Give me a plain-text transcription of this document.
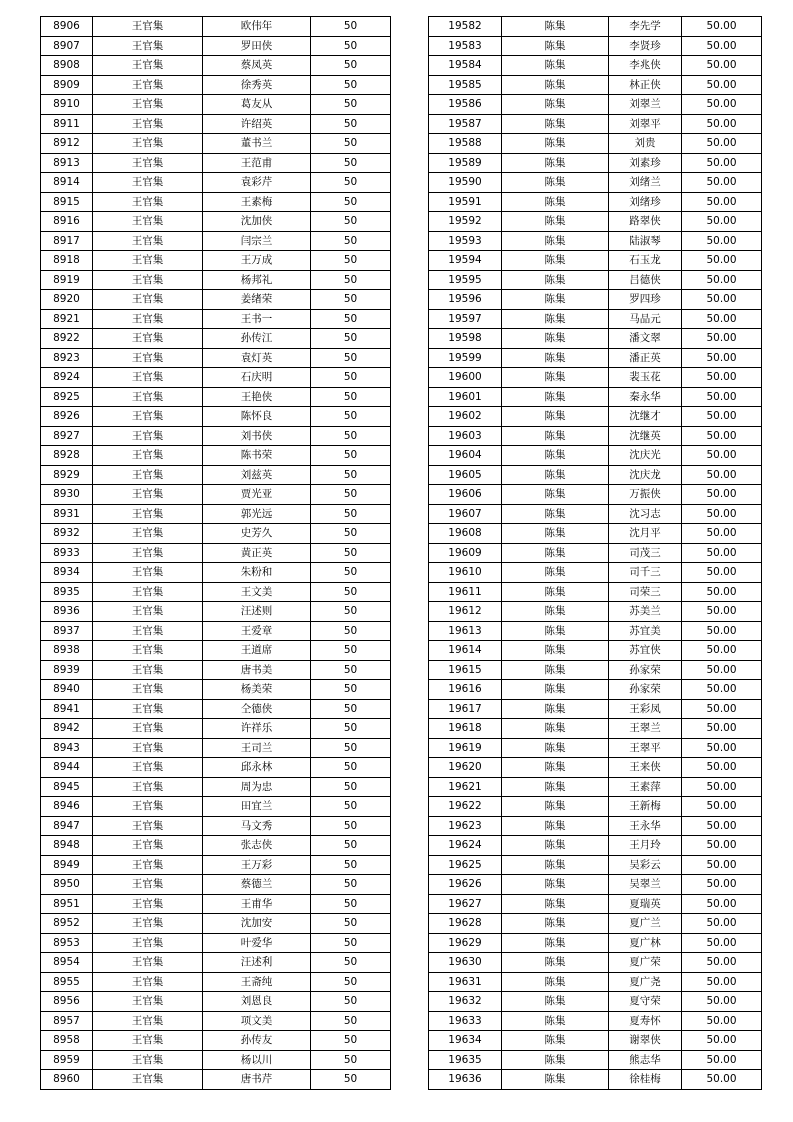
8906	王官集	欧伟年	50
8907	王官集	罗田侠	50
8908	王官集	蔡凤英	50
8909	王官集	徐秀英	50
8910	王官集	葛友从	50
8911	王官集	许绍英	50
8912	王官集	董书兰	50
8913	王官集	王范甫	50
8914	王官集	袁彩芹	50
8915	王官集	王素梅	50
8916	王官集	沈加侠	50
8917	王官集	闫宗兰	50
8918	王官集	王万成	50
8919	王官集	杨邦礼	50
8920	王官集	姜绪荣	50
8921	王官集	王书一	50
8922	王官集	孙传江	50
8923	王官集	袁灯英	50
8924	王官集	石庆明	50
8925	王官集	王艳侠	50
8926	王官集	陈怀良	50
8927	王官集	刘书侠	50
8928	王官集	陈书荣	50
8929	王官集	刘兹英	50
8930	王官集	贾光亚	50
8931	王官集	郭光远	50
8932	王官集	史芳久	50
8933	王官集	黄正英	50
8934	王官集	朱粉和	50
8935	王官集	王文美	50
8936	王官集	汪述则	50
8937	王官集	王爱章	50
8938	王官集	王道席	50
8939	王官集	唐书美	50
8940	王官集	杨美荣	50
8941	王官集	仝德侠	50
8942	王官集	许祥乐	50
8943	王官集	王司兰	50
8944	王官集	邱永林	50
8945	王官集	周为忠	50
8946	王官集	田宜兰	50
8947	王官集	马文秀	50
8948	王官集	张志侠	50
8949	王官集	王万彩	50
8950	王官集	蔡德兰	50
8951	王官集	王甫华	50
8952	王官集	沈加安	50
8953	王官集	叶爱华	50
8954	王官集	汪述利	50
8955	王官集	王斋纯	50
8956	王官集	刘恩良	50
8957	王官集	项文美	50
8958	王官集	孙传友	50
8959	王官集	杨以川	50
8960	王官集	唐书芹	50
19582	陈集	李先学	50.00
19583	陈集	李贤珍	50.00
19584	陈集	李兆侠	50.00
19585	陈集	林正侠	50.00
19586	陈集	刘翠兰	50.00
19587	陈集	刘翠平	50.00
19588	陈集	刘贵	50.00
19589	陈集	刘素珍	50.00
19590	陈集	刘绪兰	50.00
19591	陈集	刘绪珍	50.00
19592	陈集	路翠侠	50.00
19593	陈集	陆淑琴	50.00
19594	陈集	石玉龙	50.00
19595	陈集	吕德侠	50.00
19596	陈集	罗四珍	50.00
19597	陈集	马品元	50.00
19598	陈集	潘文翠	50.00
19599	陈集	潘正英	50.00
19600	陈集	裴玉花	50.00
19601	陈集	秦永华	50.00
19602	陈集	沈继才	50.00
19603	陈集	沈继英	50.00
19604	陈集	沈庆光	50.00
19605	陈集	沈庆龙	50.00
19606	陈集	万振侠	50.00
19607	陈集	沈习志	50.00
19608	陈集	沈月平	50.00
19609	陈集	司茂三	50.00
19610	陈集	司千三	50.00
19611	陈集	司荣三	50.00
19612	陈集	苏美兰	50.00
19613	陈集	苏宜美	50.00
19614	陈集	苏宜侠	50.00
19615	陈集	孙家荣	50.00
19616	陈集	孙家荣	50.00
19617	陈集	王彩凤	50.00
19618	陈集	王翠兰	50.00
19619	陈集	王翠平	50.00
19620	陈集	王来侠	50.00
19621	陈集	王素萍	50.00
19622	陈集	王新梅	50.00
19623	陈集	王永华	50.00
19624	陈集	王月玲	50.00
19625	陈集	吴彩云	50.00
19626	陈集	吴翠兰	50.00
19627	陈集	夏瑞英	50.00
19628	陈集	夏广兰	50.00
19629	陈集	夏广林	50.00
19630	陈集	夏广荣	50.00
19631	陈集	夏广尧	50.00
19632	陈集	夏守荣	50.00
19633	陈集	夏寿怀	50.00
19634	陈集	谢翠侠	50.00
19635	陈集	熊志华	50.00
19636	陈集	徐桂梅	50.00
